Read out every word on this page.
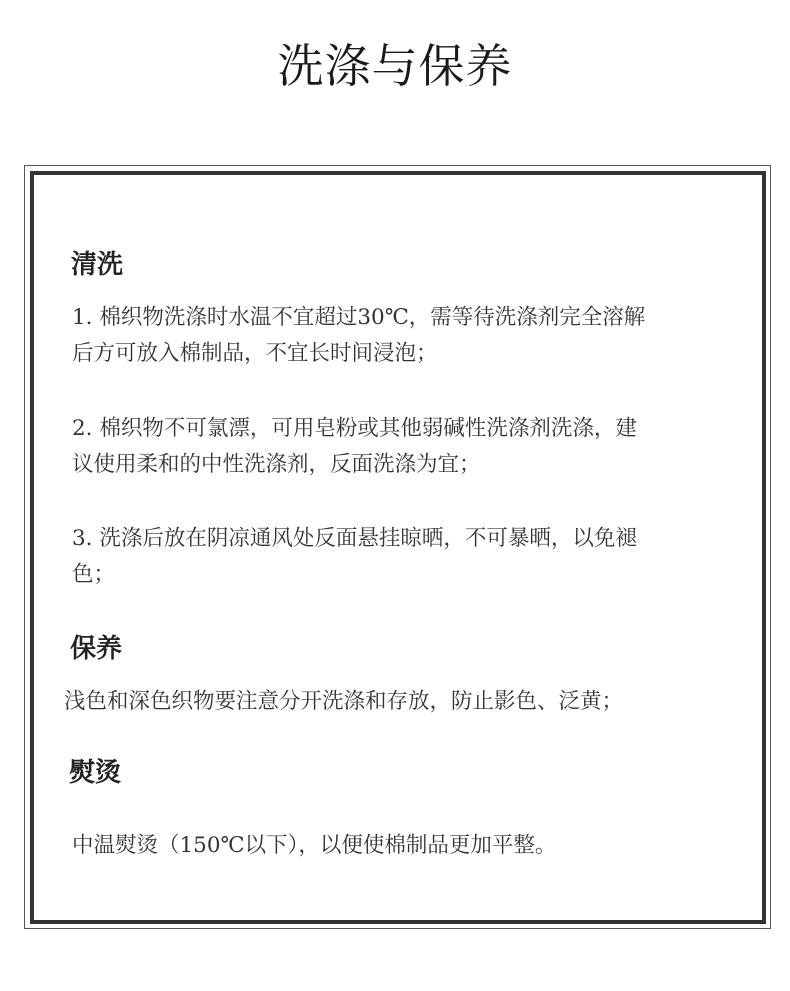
洗涤与保养
清洗

1. 棉织物洗涤时水温不宜超过30℃，需等待洗涤剂完全溶解

后方可放入棉制品，不宜长时间浸泡；

2. 棉织物不可氯漂，可用皂粉或其他弱碱性洗涤剂洗涤，建

议使用柔和的中性洗涤剂，反面洗涤为宜；

3. 洗涤后放在阴凉通风处反面悬挂晾晒，不可暴晒，以免褪

色；

保养

浅色和深色织物要注意分开洗涤和存放，防止影色、泛黄；

熨烫

中温熨烫（150℃以下），以便使棉制品更加平整。
